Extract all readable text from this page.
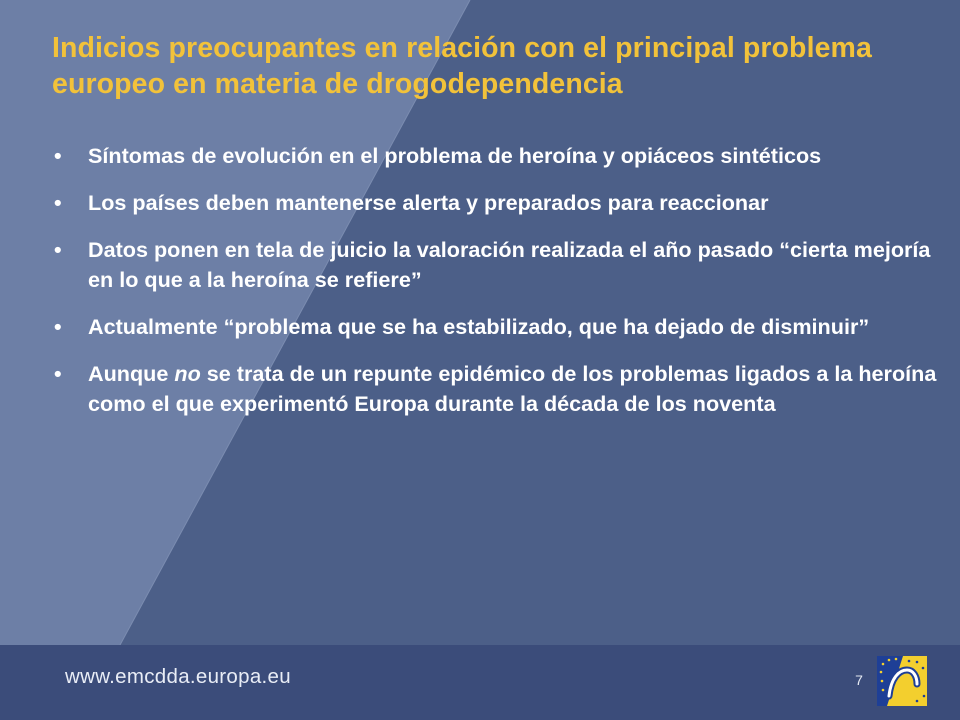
Indicios preocupantes en relación con el principal problema europeo en materia de drogodependencia
• Síntomas de evolución en el problema de heroína y opiáceos sintéticos
• Los países deben mantenerse alerta y preparados para reaccionar
• Datos ponen en tela de juicio la valoración realizada el año pasado “cierta mejoría en lo que a la heroína se refiere”
• Actualmente “problema que se ha estabilizado, que ha dejado de disminuir”
• Aunque no se trata de un repunte epidémico de los problemas ligados a la heroína como el que experimentó Europa durante la década de los noventa
www.emcdda.europa.eu	7
